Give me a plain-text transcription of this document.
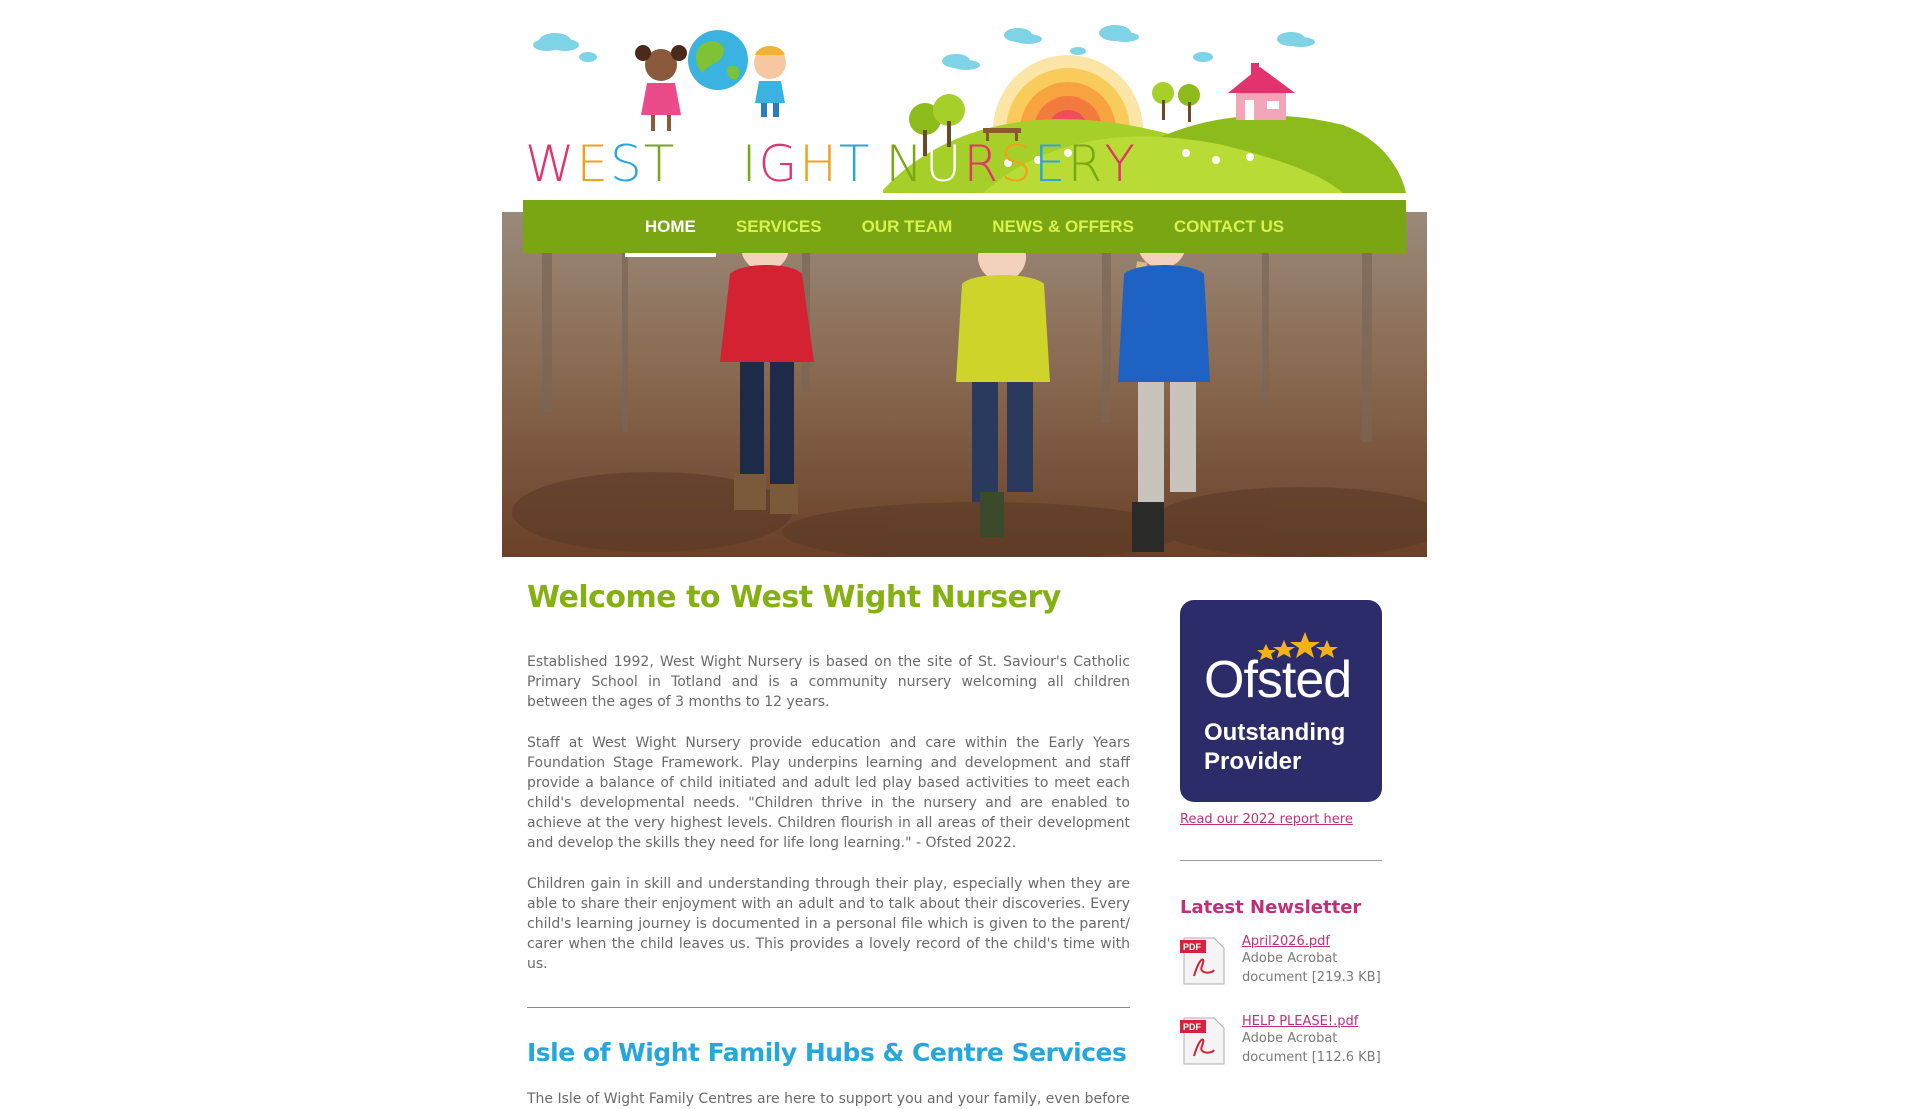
WEST WIGHT NURSERY
HOME	SERVICES	OUR TEAM	NEWS & OFFERS	CONTACT US
Welcome to West Wight Nursery

Established 1992, West Wight Nursery is based on the site of St. Saviour's Catholic Primary School in Totland and is a community nursery welcoming all children between the ages of 3 months to 12 years.

Staff at West Wight Nursery provide education and care within the Early Years Foundation Stage Framework. Play underpins learning and development and staff provide a balance of child initiated and adult led play based activities to meet each child's developmental needs. "Children thrive in the nursery and are enabled to achieve at the very highest levels. Children flourish in all areas of their development and develop the skills they need for life long learning." - Ofsted 2022.

Children gain in skill and understanding through their play, especially when they are able to share their enjoyment with an adult and to talk about their discoveries. Every child's learning journey is documented in a personal file which is given to the parent/ carer when the child leaves us. This provides a lovely record of the child's time with us.

Isle of Wight Family Hubs & Centre Services

The Isle of Wight Family Centres are here to support you and your family, even before

Ofsted
Outstanding
Provider
Read our 2022 report here
Latest Newsletter
PDF	April2026.pdf
Adobe Acrobat
document [219.3 KB]
PDF	HELP PLEASE!.pdf
Adobe Acrobat
document [112.6 KB]
